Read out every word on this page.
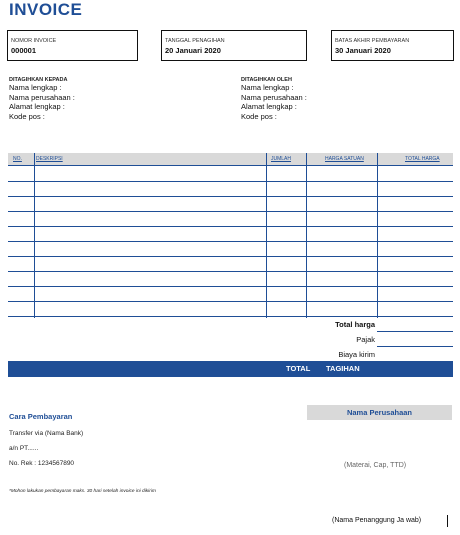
INVOICE
NOMOR INVOICE
000001
TANGGAL PENAGIHAN
20 Januari 2020
BATAS AKHIR PEMBAYARAN
30 Januari 2020
DITAGIHKAN KEPADA
Nama lengkap :
Nama perusahaan :
Alamat lengkap :
Kode pos :
DITAGIHKAN OLEH
Nama lengkap :
Nama perusahaan :
Alamat lengkap :
Kode pos :
NO.	DESKRIPSI	JUMLAH	HARGA SATUAN	TOTAL HARGA
Total harga
Pajak
Biaya kirim
TOTAL TAGIHAN
Cara Pembayaran
Transfer via (Nama Bank)
a/n PT......
No. Rek : 1234567890
Nama Perusahaan
(Materai, Cap, TTD)
*Mohon lakukan pembayaran maks. 30 hari setelah invoice ini dikirim
(Nama Penanggung Ja wab)
